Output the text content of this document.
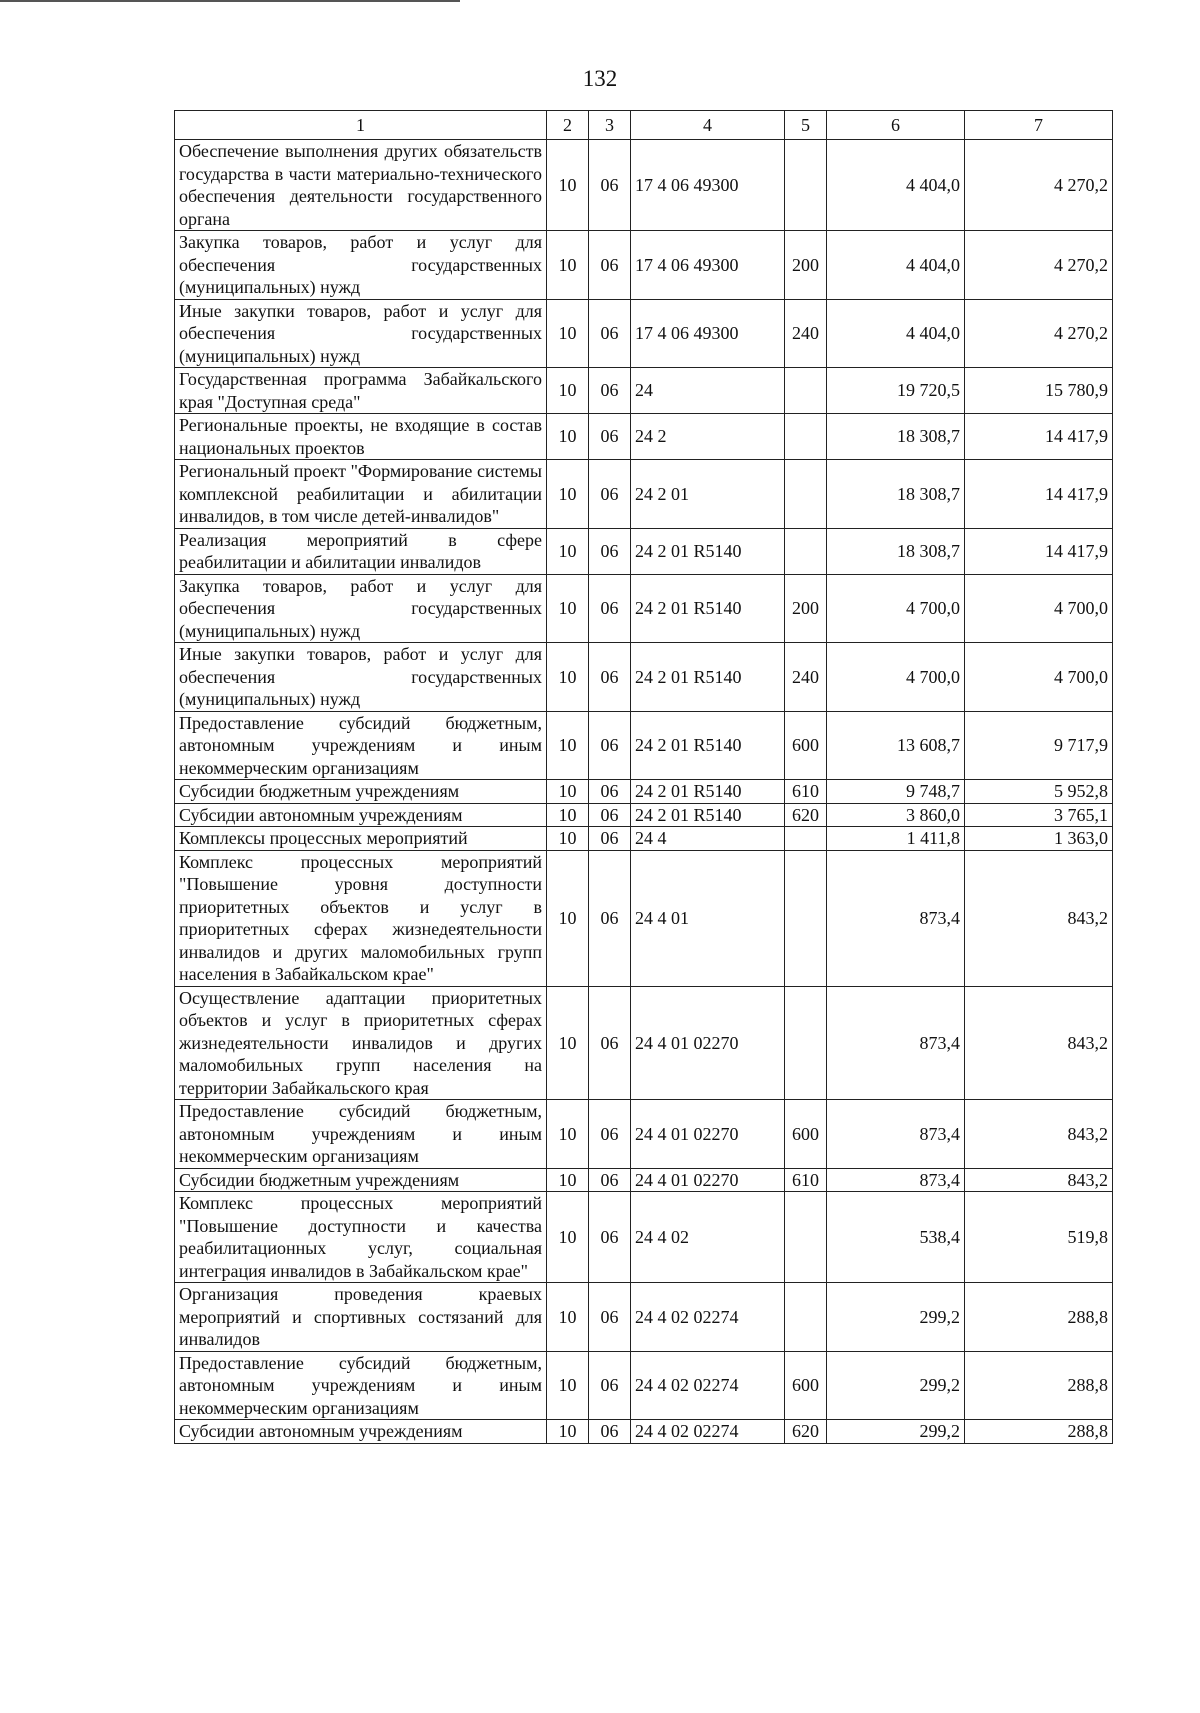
132
1	2	3	4	5	6	7
Обеспечение выполнения других обязательств государства в части материально-технического обеспечения деятельности государственного органа	10	06	17 4 06 49300		4 404,0	4 270,2
Закупка товаров, работ и услуг для обеспечения государственных (муниципальных) нужд	10	06	17 4 06 49300	200	4 404,0	4 270,2
Иные закупки товаров, работ и услуг для обеспечения государственных (муниципальных) нужд	10	06	17 4 06 49300	240	4 404,0	4 270,2
Государственная программа Забайкальского края "Доступная среда"	10	06	24		19 720,5	15 780,9
Региональные проекты, не входящие в состав национальных проектов	10	06	24 2		18 308,7	14 417,9
Региональный проект "Формирование системы комплексной реабилитации и абилитации инвалидов, в том числе детей-инвалидов"	10	06	24 2 01		18 308,7	14 417,9
Реализация мероприятий в сфере реабилитации и абилитации инвалидов	10	06	24 2 01 R5140		18 308,7	14 417,9
Закупка товаров, работ и услуг для обеспечения государственных (муниципальных) нужд	10	06	24 2 01 R5140	200	4 700,0	4 700,0
Иные закупки товаров, работ и услуг для обеспечения государственных (муниципальных) нужд	10	06	24 2 01 R5140	240	4 700,0	4 700,0
Предоставление субсидий бюджетным, автономным учреждениям и иным некоммерческим организациям	10	06	24 2 01 R5140	600	13 608,7	9 717,9
Субсидии бюджетным учреждениям	10	06	24 2 01 R5140	610	9 748,7	5 952,8
Субсидии автономным учреждениям	10	06	24 2 01 R5140	620	3 860,0	3 765,1
Комплексы процессных мероприятий	10	06	24 4		1 411,8	1 363,0
Комплекс процессных мероприятий "Повышение уровня доступности приоритетных объектов и услуг в приоритетных сферах жизнедеятельности инвалидов и других маломобильных групп населения в Забайкальском крае"	10	06	24 4 01		873,4	843,2
Осуществление адаптации приоритетных объектов и услуг в приоритетных сферах жизнедеятельности инвалидов и других маломобильных групп населения на территории Забайкальского края	10	06	24 4 01 02270		873,4	843,2
Предоставление субсидий бюджетным, автономным учреждениям и иным некоммерческим организациям	10	06	24 4 01 02270	600	873,4	843,2
Субсидии бюджетным учреждениям	10	06	24 4 01 02270	610	873,4	843,2
Комплекс процессных мероприятий "Повышение доступности и качества реабилитационных услуг, социальная интеграция инвалидов в Забайкальском крае"	10	06	24 4 02		538,4	519,8
Организация проведения краевых мероприятий и спортивных состязаний для инвалидов	10	06	24 4 02 02274		299,2	288,8
Предоставление субсидий бюджетным, автономным учреждениям и иным некоммерческим организациям	10	06	24 4 02 02274	600	299,2	288,8
Субсидии автономным учреждениям	10	06	24 4 02 02274	620	299,2	288,8
